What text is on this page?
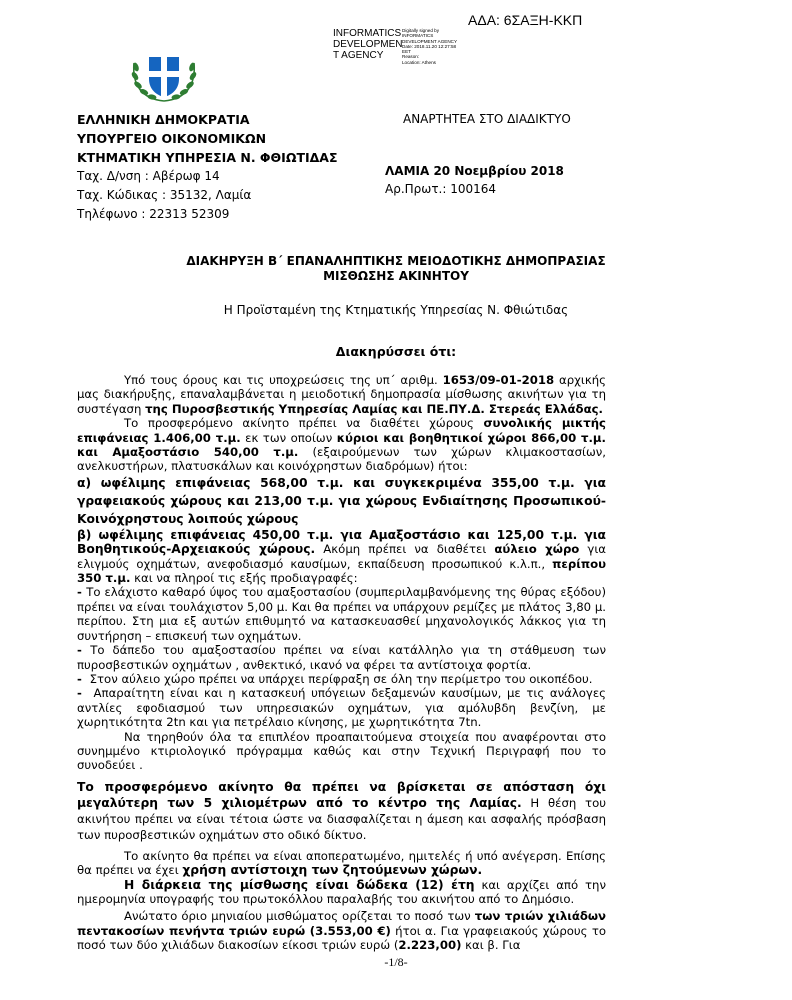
ΑΔΑ: 6ΣΑΞΗ-ΚΚΠ
INFORMATICS
DEVELOPMEN
T AGENCY
Digitally signed by
INFORMATICS
DEVELOPMENT AGENCY
Date: 2018.11.20 12:27:58
EET
Reason:
Location: Athens
ΕΛΛΗΝΙΚΗ ΔΗΜΟΚΡΑΤΙΑ
ΥΠΟΥΡΓΕΙΟ ΟΙΚΟΝΟΜΙΚΩΝ
ΚΤΗΜΑΤΙΚΗ ΥΠΗΡΕΣΙΑ Ν. ΦΘΙΩΤΙΔΑΣ
Ταχ. Δ/νση : Αβέρωφ 14
Ταχ. Κώδικας : 35132, Λαμία
Τηλέφωνο : 22313 52309
ΑΝΑΡΤΗΤΕΑ ΣΤΟ ΔΙΑΔΙΚΤΥΟ
ΛΑΜΙΑ 20 Νοεμβρίου 2018
Αρ.Πρωτ.: 100164
ΔΙΑΚΗΡΥΞΗ Β΄ ΕΠΑΝΑΛΗΠΤΙΚΗΣ ΜΕΙΟΔΟΤΙΚΗΣ ΔΗΜΟΠΡΑΣΙΑΣ
ΜΙΣΘΩΣΗΣ ΑΚΙΝΗΤΟΥ
Η Προϊσταμένη της Κτηματικής Υπηρεσίας Ν. Φθιώτιδας
Διακηρύσσει ότι:

Υπό τους όρους και τις υποχρεώσεις της υπ΄ αριθμ. 1653/09-01-2018 αρχικής μας διακήρυξης, επαναλαμβάνεται η μειοδοτική δημοπρασία μίσθωσης ακινήτων για τη συστέγαση της Πυροσβεστικής Υπηρεσίας Λαμίας και ΠΕ.ΠΥ.Δ. Στερεάς Ελλάδας.

Το προσφερόμενο ακίνητο πρέπει να διαθέτει χώρους συνολικής μικτής επιφάνειας 1.406,00 τ.μ. εκ των οποίων κύριοι και βοηθητικοί χώροι 866,00 τ.μ. και Αμαξοστάσιο 540,00 τ.μ. (εξαιρούμενων των χώρων κλιμακοστασίων, ανελκυστήρων, πλατυσκάλων και κοινόχρηστων διαδρόμων) ήτοι:

α) ωφέλιμης επιφάνειας 568,00 τ.μ. και συγκεκριμένα 355,00 τ.μ. για γραφειακούς χώρους και 213,00 τ.μ. για χώρους Ενδιαίτησης Προσωπικού-Κοινόχρηστους λοιπούς χώρους

β) ωφέλιμης επιφάνειας 450,00 τ.μ. για Αμαξοστάσιο και 125,00 τ.μ. για Βοηθητικούς-Αρχειακούς χώρους. Ακόμη πρέπει να διαθέτει αύλειο χώρο για ελιγμούς οχημάτων, ανεφοδιασμό καυσίμων, εκπαίδευση προσωπικού κ.λ.π., περίπου 350 τ.μ. και να πληροί τις εξής προδιαγραφές:

- Το ελάχιστο καθαρό ύψος του αμαξοστασίου (συμπεριλαμβανόμενης της θύρας εξόδου) πρέπει να είναι τουλάχιστον 5,00 μ. Και θα πρέπει να υπάρχουν ρεμίζες με πλάτος 3,80 μ. περίπου. Στη μια εξ αυτών επιθυμητό να κατασκευασθεί μηχανολογικός λάκκος για τη συντήρηση – επισκευή των οχημάτων.

- Το δάπεδο του αμαξοστασίου πρέπει να είναι κατάλληλο για τη στάθμευση των πυροσβεστικών οχημάτων , ανθεκτικό, ικανό να φέρει τα αντίστοιχα φορτία.

-  Στον αύλειο χώρο πρέπει να υπάρχει περίφραξη σε όλη την περίμετρο του οικοπέδου.

-  Απαραίτητη είναι και η κατασκευή υπόγειων δεξαμενών καυσίμων, με τις ανάλογες αντλίες εφοδιασμού των υπηρεσιακών οχημάτων, για αμόλυβδη βενζίνη, με χωρητικότητα 2tn και για πετρέλαιο κίνησης, με χωρητικότητα 7tn.

Να τηρηθούν όλα τα επιπλέον προαπαιτούμενα στοιχεία που αναφέρονται στο συνημμένο κτιριολογικό πρόγραμμα καθώς και στην Τεχνική Περιγραφή που το συνοδεύει .

Το προσφερόμενο ακίνητο θα πρέπει να βρίσκεται σε απόσταση όχι μεγαλύτερη των 5 χιλιομέτρων από το κέντρο της Λαμίας. Η θέση του ακινήτου πρέπει να είναι τέτοια ώστε να διασφαλίζεται η άμεση και ασφαλής πρόσβαση των πυροσβεστικών οχημάτων στο οδικό δίκτυο.

Το ακίνητο θα πρέπει να είναι αποπερατωμένο, ημιτελές ή υπό ανέγερση. Επίσης θα πρέπει να έχει χρήση αντίστοιχη των ζητούμενων χώρων.

Η διάρκεια της μίσθωσης είναι δώδεκα (12) έτη και αρχίζει από την ημερομηνία υπογραφής του πρωτοκόλλου παραλαβής του ακινήτου από το Δημόσιο.

Ανώτατο όριο μηνιαίου μισθώματος ορίζεται το ποσό των των τριών χιλιάδων πεντακοσίων πενήντα τριών ευρώ (3.553,00 €) ήτοι α. Για γραφειακούς χώρους το ποσό των δύο χιλιάδων διακοσίων είκοσι τριών ευρώ (2.223,00) και β. Για

-1/8-
